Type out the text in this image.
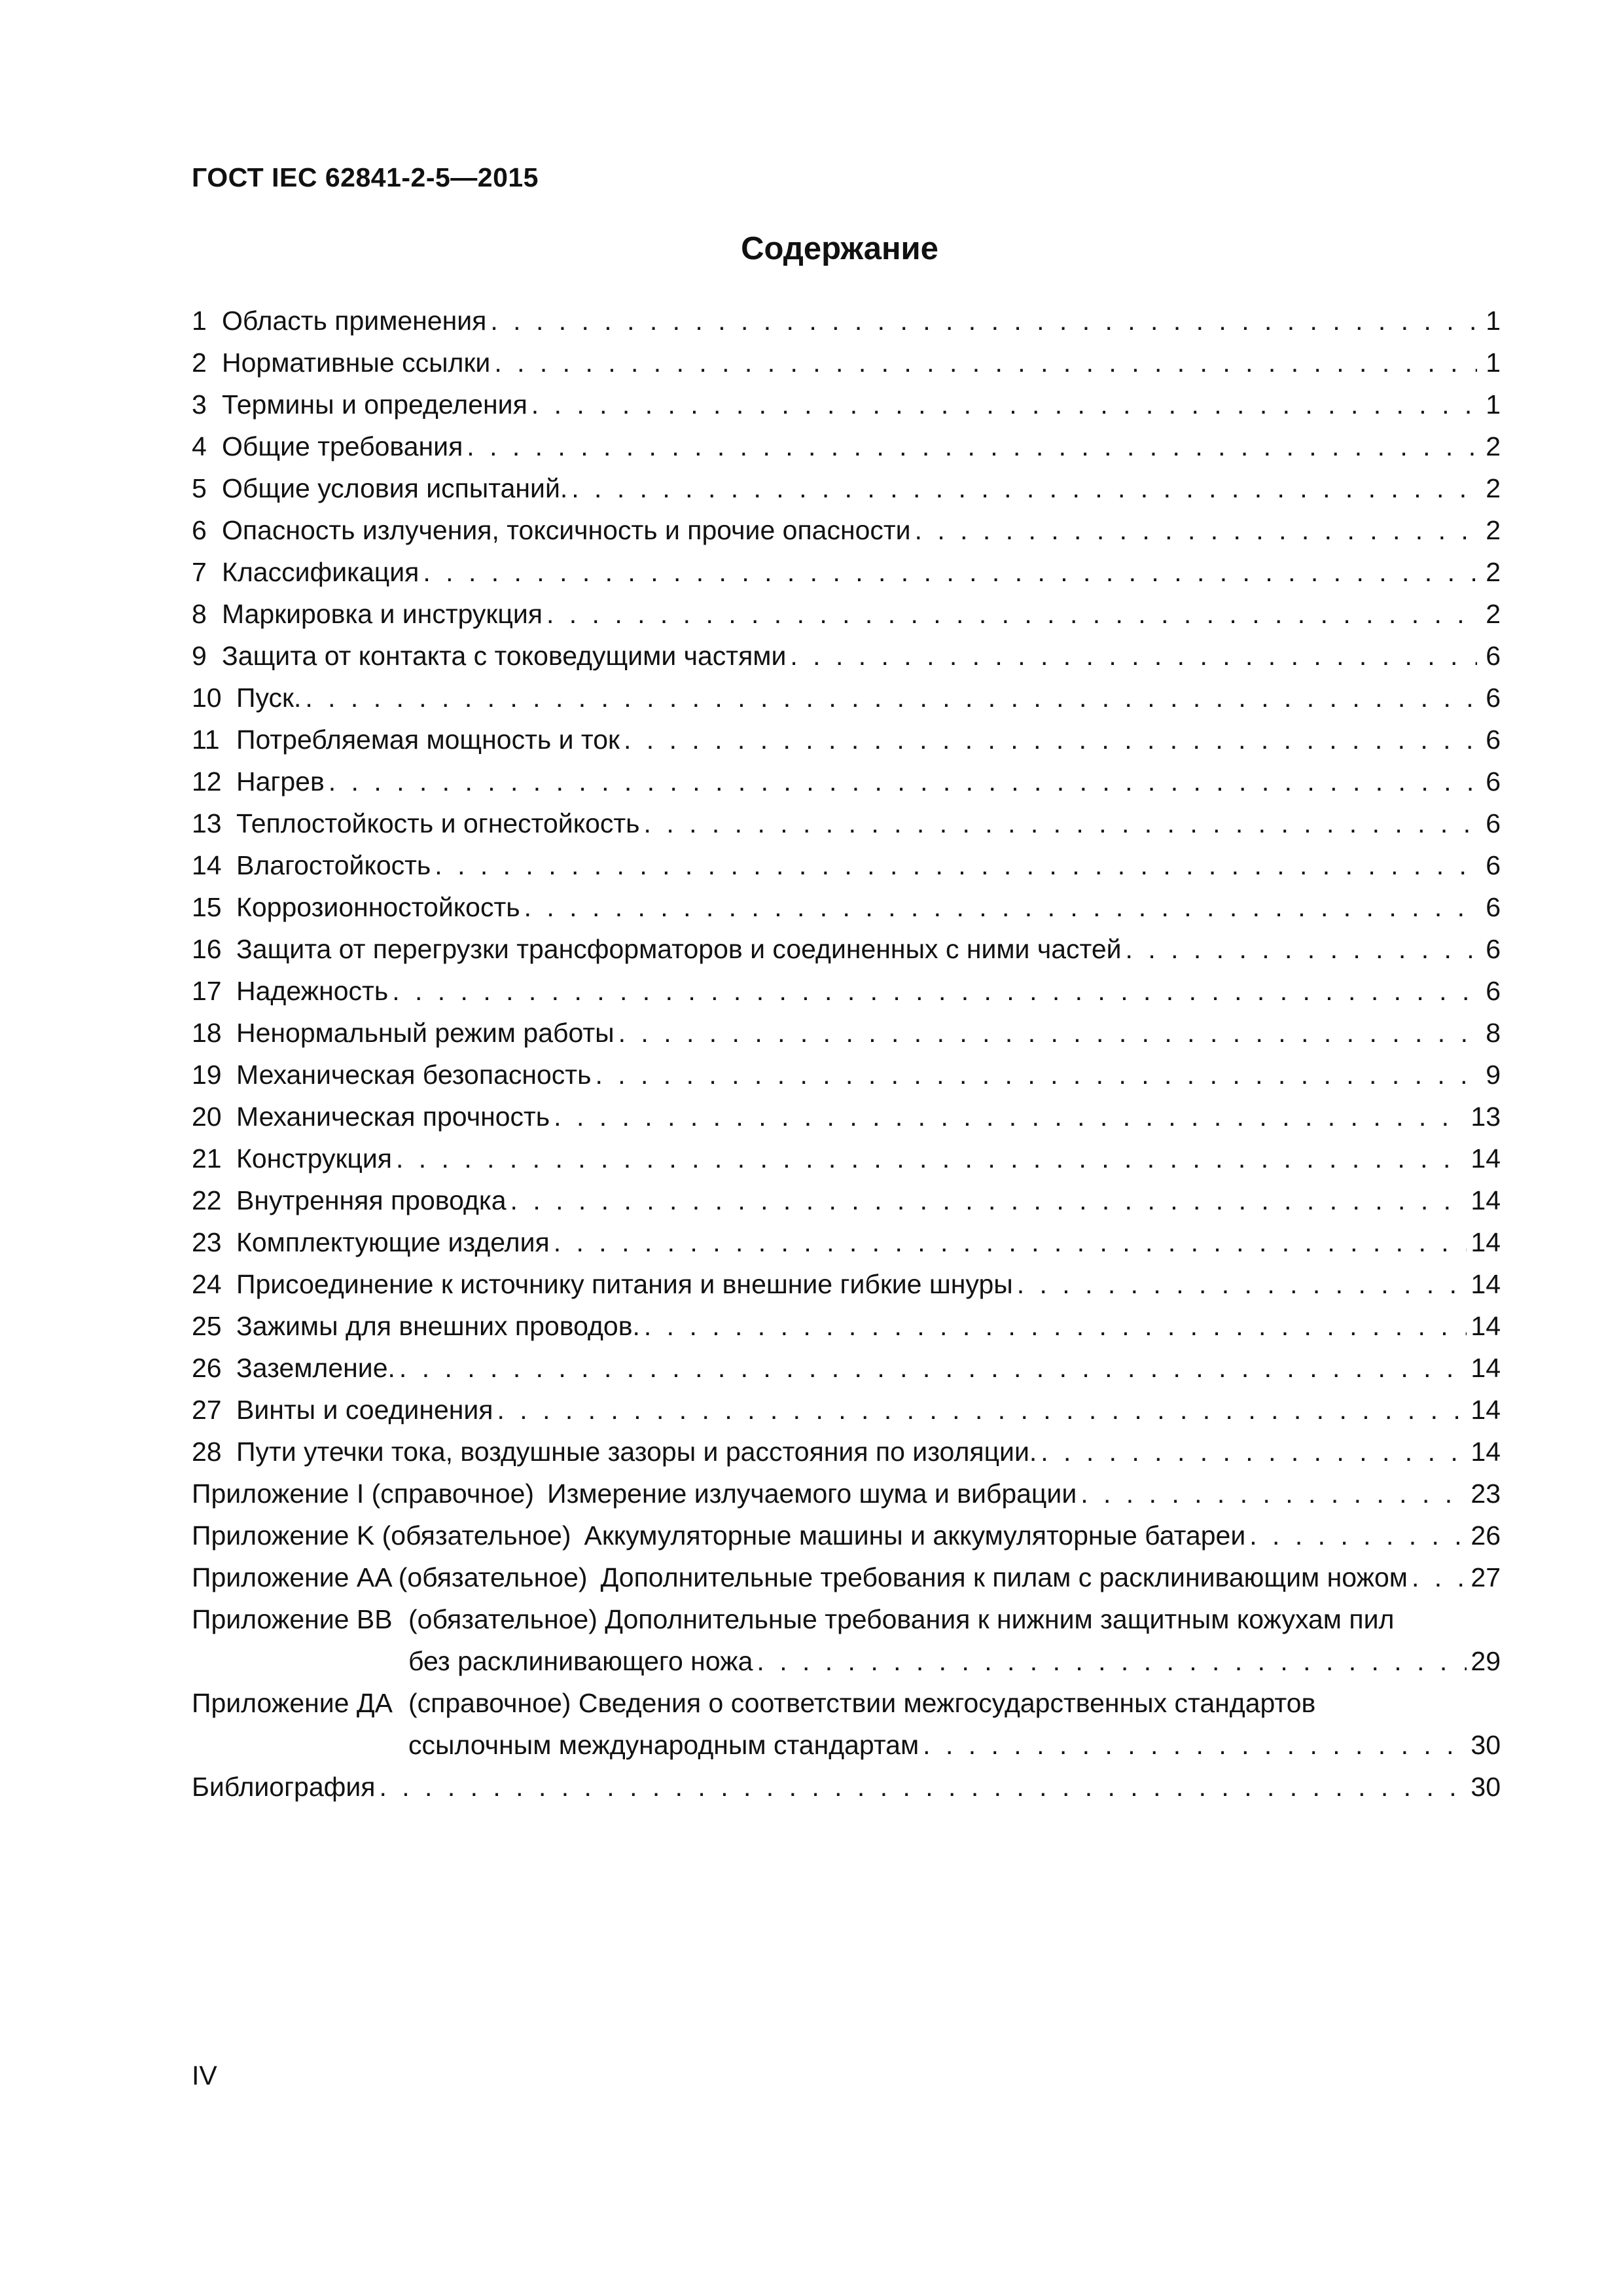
ГОСТ IEC 62841-2-5—2015
Содержание
1 Область применения . . .	1
2 Нормативные ссылки . . .	1
3 Термины и определения . . .	1
4 Общие требования . . .	2
5 Общие условия испытаний. . . .	2
6 Опасность излучения, токсичность и прочие опасности . . .	2
7 Классификация . . .	2
8 Маркировка и инструкция . . .	2
9 Защита от контакта с токоведущими частями . . .	6
10 Пуск. . . .	6
11 Потребляемая мощность и ток . . .	6
12 Нагрев . . .	6
13 Теплостойкость и огнестойкость . . .	6
14 Влагостойкость . . .	6
15 Коррозионностойкость . . .	6
16 Защита от перегрузки трансформаторов и соединенных с ними частей . . .	6
17 Надежность . . .	6
18 Ненормальный режим работы . . .	8
19 Механическая безопасность . . .	9
20 Механическая прочность . . .	13
21 Конструкция . . .	14
22 Внутренняя проводка . . .	14
23 Комплектующие изделия . . .	14
24 Присоединение к источнику питания и внешние гибкие шнуры . . .	14
25 Зажимы для внешних проводов. . . .	14
26 Заземление. . . .	14
27 Винты и соединения . . .	14
28 Пути утечки тока, воздушные зазоры и расстояния по изоляции. . . .	14
Приложение I (справочное) Измерение излучаемого шума и вибрации . . .	23
Приложение K (обязательное) Аккумуляторные машины и аккумуляторные батареи . . .	26
Приложение AA (обязательное) Дополнительные требования к пилам с расклинивающим ножом . . . 27
Приложение BB (обязательное) Дополнительные требования к нижним защитным кожухам пил
без расклинивающего ножа . . .	29
Приложение ДА (справочное) Сведения о соответствии межгосударственных стандартов
ссылочным международным стандартам . . .	30
Библиография . . .	30
IV
